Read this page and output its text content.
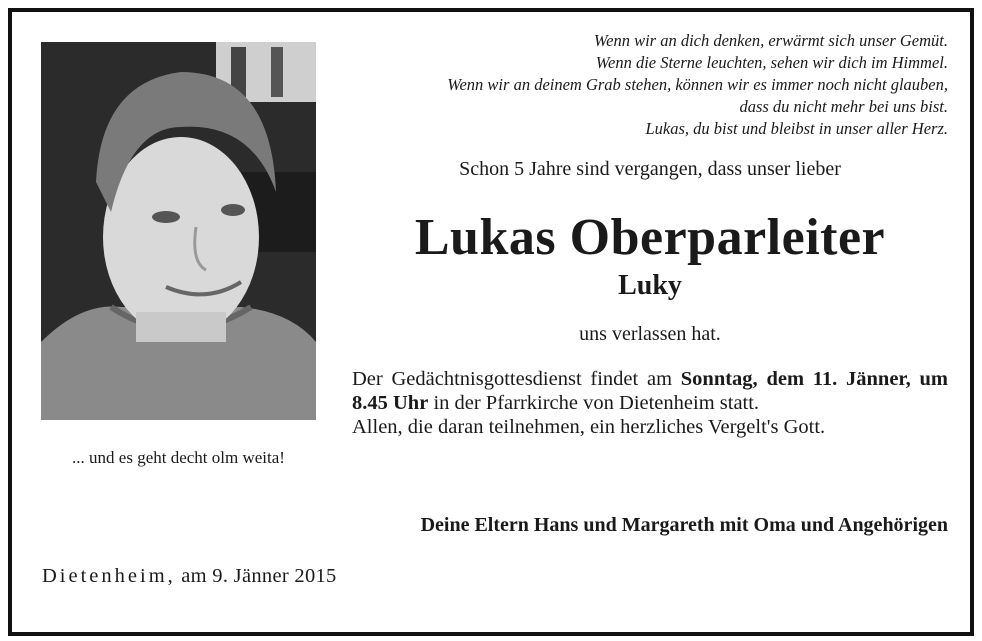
... und es geht decht olm weita!
Wenn wir an dich denken, erwärmt sich unser Gemüt.
Wenn die Sterne leuchten, sehen wir dich im Himmel.
Wenn wir an deinem Grab stehen, können wir es immer noch nicht glauben,
dass du nicht mehr bei uns bist.
Lukas, du bist und bleibst in unser aller Herz.
Schon 5 Jahre sind vergangen, dass unser lieber
Lukas Oberparleiter
Luky
uns verlassen hat.
Der Gedächtnisgottesdienst findet am Sonntag, dem 11. Jänner, um 8.45 Uhr in der Pfarrkirche von Dietenheim statt.
Allen, die daran teilnehmen, ein herzliches Vergelt's Gott.
Deine Eltern Hans und Margareth mit Oma und Angehörigen
Dietenheim, am 9. Jänner 2015
